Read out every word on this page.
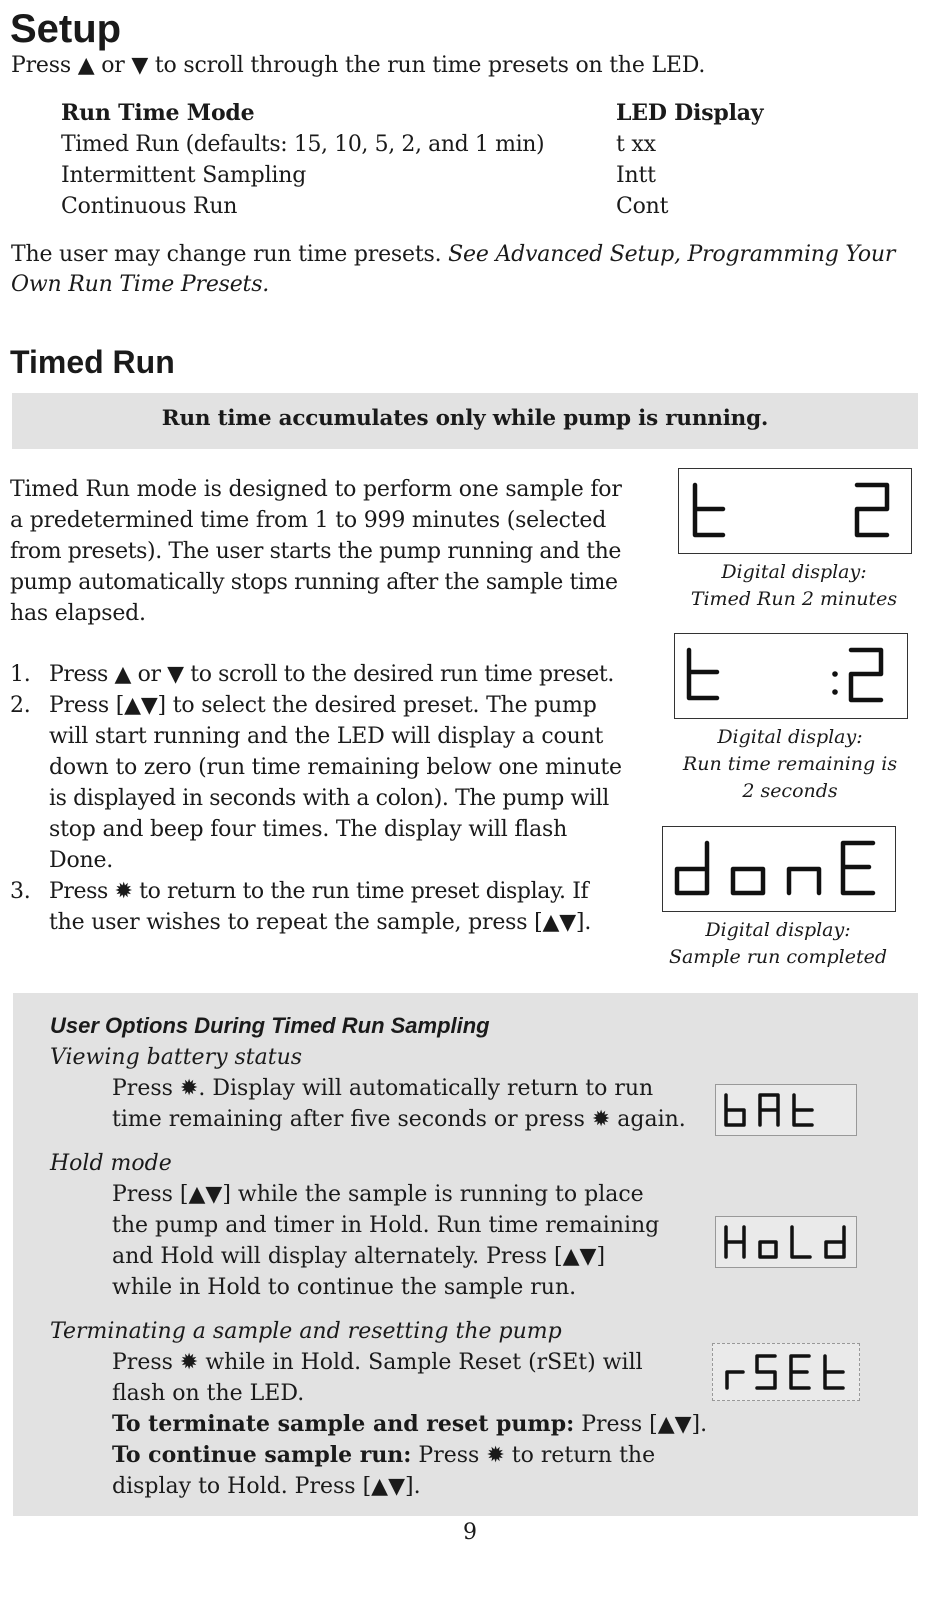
Setup
Press ▲ or ▼ to scroll through the run time presets on the LED.
Run Time Mode	LED Display
Timed Run (defaults: 15, 10, 5, 2, and 1 min)	t xx
Intermittent Sampling	Intt
Continuous Run	Cont
The user may change run time presets. See Advanced Setup, Programming Your
Own Run Time Presets.
Timed Run
Run time accumulates only while pump is running.
Timed Run mode is designed to perform one sample for
a predetermined time from 1 to 999 minutes (selected
from presets). The user starts the pump running and the
pump automatically stops running after the sample time
has elapsed.
1. Press ▲ or ▼ to scroll to the desired run time preset.
2. Press [▲▼] to select the desired preset. The pump
will start running and the LED will display a count
down to zero (run time remaining below one minute
is displayed in seconds with a colon). The pump will
stop and beep four times. The display will flash
Done.
3. Press ✹ to return to the run time preset display. If
the user wishes to repeat the sample, press [▲▼].
Digital display:
Timed Run 2 minutes
Digital display:
Run time remaining is
2 seconds
Digital display:
Sample run completed
User Options During Timed Run Sampling
Viewing battery status
Press ✹. Display will automatically return to run
time remaining after five seconds or press ✹ again.
Hold mode
Press [▲▼] while the sample is running to place
the pump and timer in Hold. Run time remaining
and Hold will display alternately. Press [▲▼]
while in Hold to continue the sample run.
Terminating a sample and resetting the pump
Press ✹ while in Hold. Sample Reset (rSEt) will
flash on the LED.
To terminate sample and reset pump: Press [▲▼].
To continue sample run: Press ✹ to return the
display to Hold. Press [▲▼].
9
